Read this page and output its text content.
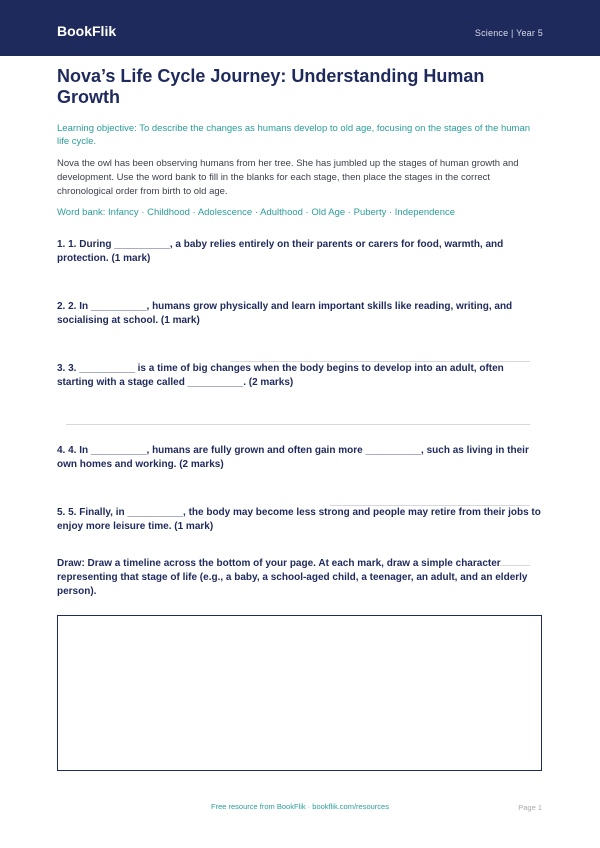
BookFlik	Science | Year 5
Nova’s Life Cycle Journey: Understanding Human Growth
Learning objective: To describe the changes as humans develop to old age, focusing on the stages of the human life cycle.
Nova the owl has been observing humans from her tree. She has jumbled up the stages of human growth and development. Use the word bank to fill in the blanks for each stage, then place the stages in the correct chronological order from birth to old age.
Word bank: Infancy · Childhood · Adolescence · Adulthood · Old Age · Puberty · Independence
1. 1. During __________, a baby relies entirely on their parents or carers for food, warmth, and protection. (1 mark)
2. 2. In __________, humans grow physically and learn important skills like reading, writing, and socialising at school. (1 mark)
3. 3. __________ is a time of big changes when the body begins to develop into an adult, often starting with a stage called __________. (2 marks)
4. 4. In __________, humans are fully grown and often gain more __________, such as living in their own homes and working. (2 marks)
5. 5. Finally, in __________, the body may become less strong and people may retire from their jobs to enjoy more leisure time. (1 mark)
Draw: Draw a timeline across the bottom of your page. At each mark, draw a simple character representing that stage of life (e.g., a baby, a school-aged child, a teenager, an adult, and an elderly person).
Free resource from BookFlik · bookflik.com/resources	Page 1
